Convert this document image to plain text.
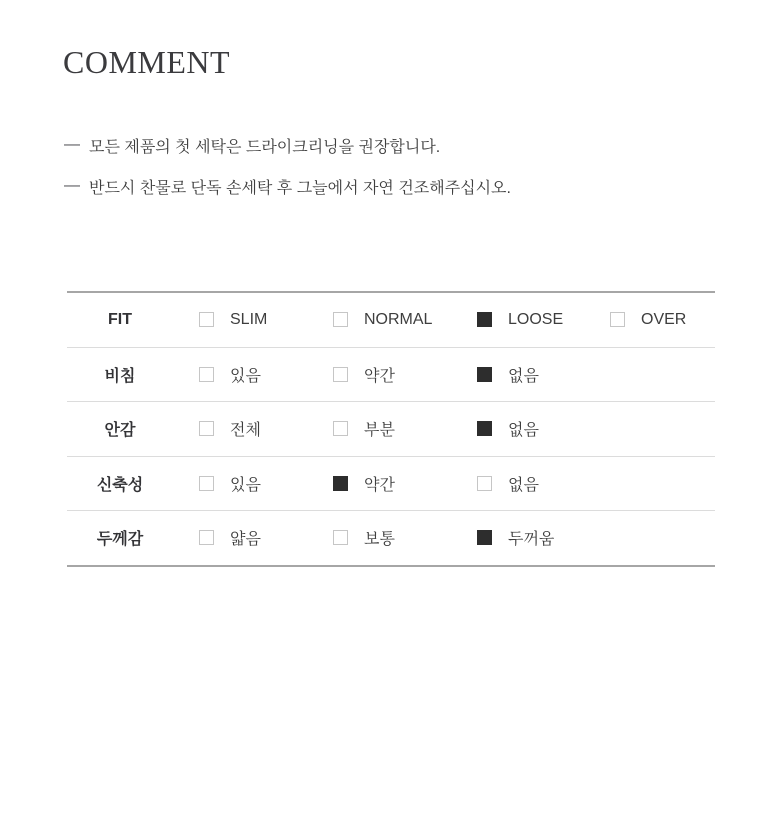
COMMENT
— 모든 제품의 첫 세탁은 드라이크리닝을 권장합니다.
— 반드시 찬물로 단독 손세탁 후 그늘에서 자연 건조해주십시오.
FIT	SLIM	NORMAL	LOOSE	OVER
비침	있음	약간	없음
안감	전체	부분	없음
신축성	있음	약간	없음
두께감	얇음	보통	두꺼움
